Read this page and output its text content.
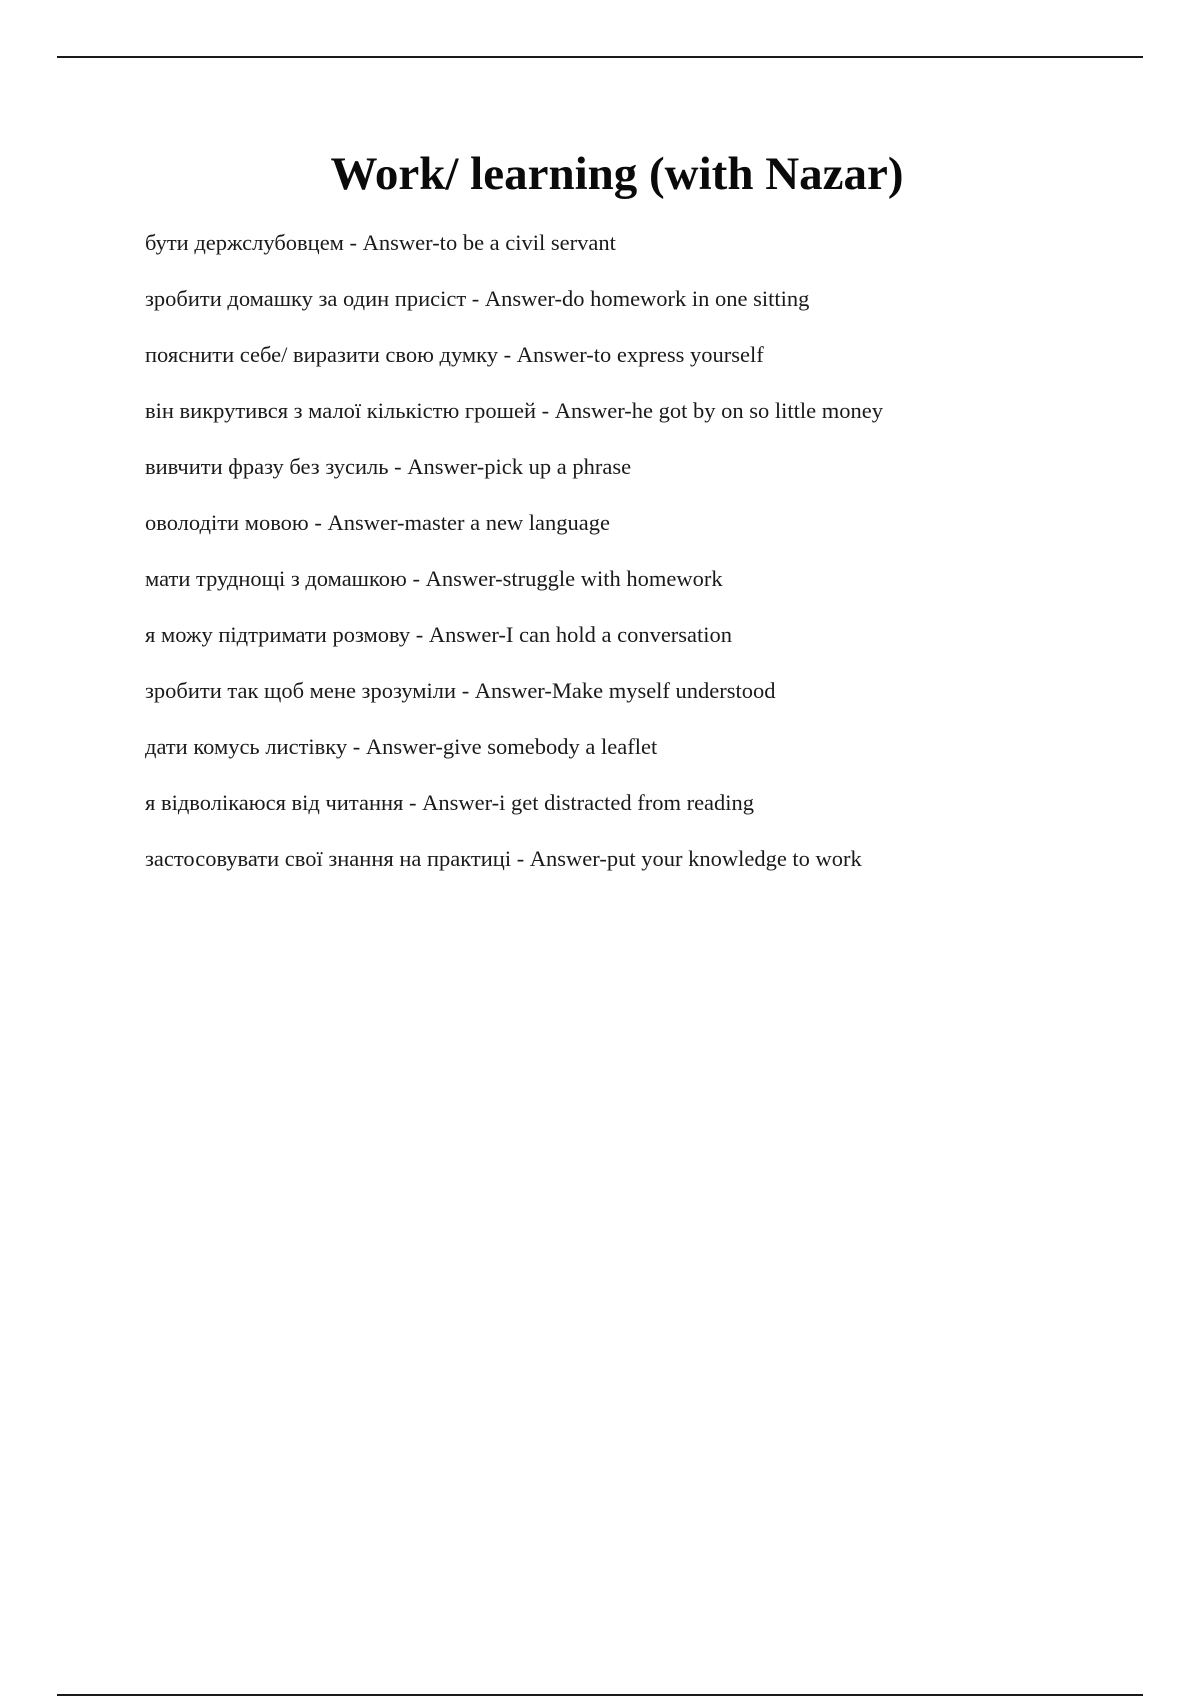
Work/ learning (with Nazar)
бути держслубовцем - Answer-to be a civil servant
зробити домашку за один присіст - Answer-do homework in one sitting
пояснити себе/ виразити свою думку - Answer-to express yourself
він викрутився з малої кількістю грошей - Answer-he got by on so little money
вивчити фразу без зусиль - Answer-pick up a phrase
оволодіти мовою - Answer-master a new language
мати труднощі з домашкою - Answer-struggle with homework
я можу підтримати розмову - Answer-I can hold a conversation
зробити так щоб мене зрозуміли - Answer-Make myself understood
дати комусь листівку - Answer-give somebody a leaflet
я відволікаюся від читання - Answer-i get distracted from reading
застосовувати свої знання на практиці - Answer-put your knowledge to work
